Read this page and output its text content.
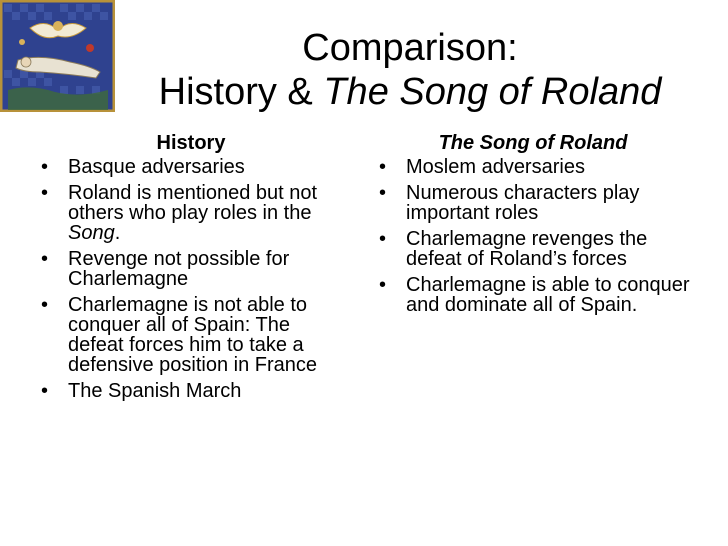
Comparison:
History & The Song of Roland
History
• Basque adversaries
• Roland is mentioned but not others who play roles in the Song.
• Revenge not possible for Charlemagne
• Charlemagne is not able to conquer all of Spain: The defeat forces him to take a defensive position in France
• The Spanish March
The Song of Roland
• Moslem adversaries
• Numerous characters play important roles
• Charlemagne revenges the defeat of Roland’s forces
• Charlemagne is able to conquer and dominate all of Spain.
